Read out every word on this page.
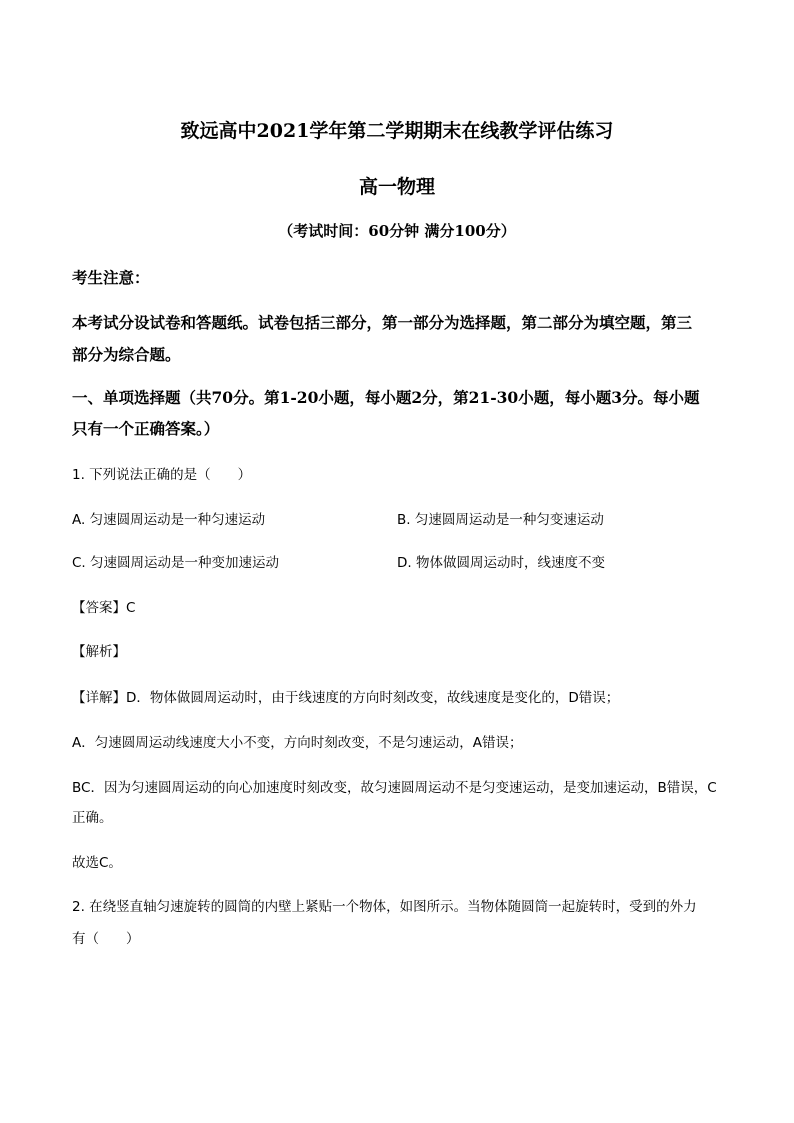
致远高中2021学年第二学期期末在线教学评估练习
高一物理
（考试时间：60分钟 满分100分）
考生注意：
本考试分设试卷和答题纸。试卷包括三部分，第一部分为选择题，第二部分为填空题，第三
部分为综合题。
一、单项选择题（共70分。第1-20小题，每小题2分，第21-30小题，每小题3分。每小题
只有一个正确答案。）
1. 下列说法正确的是（　　）
A. 匀速圆周运动是一种匀速运动	B. 匀速圆周运动是一种匀变速运动
C. 匀速圆周运动是一种变加速运动	D. 物体做圆周运动时，线速度不变
【答案】C
【解析】
【详解】D．物体做圆周运动时，由于线速度的方向时刻改变，故线速度是变化的，D错误；
A．匀速圆周运动线速度大小不变，方向时刻改变，不是匀速运动，A错误；
BC．因为匀速圆周运动的向心加速度时刻改变，故匀速圆周运动不是匀变速运动，是变加速运动，B错误，C
正确。
故选C。
2. 在绕竖直轴匀速旋转的圆筒的内壁上紧贴一个物体，如图所示。当物体随圆筒一起旋转时，受到的外力
有（　　）
